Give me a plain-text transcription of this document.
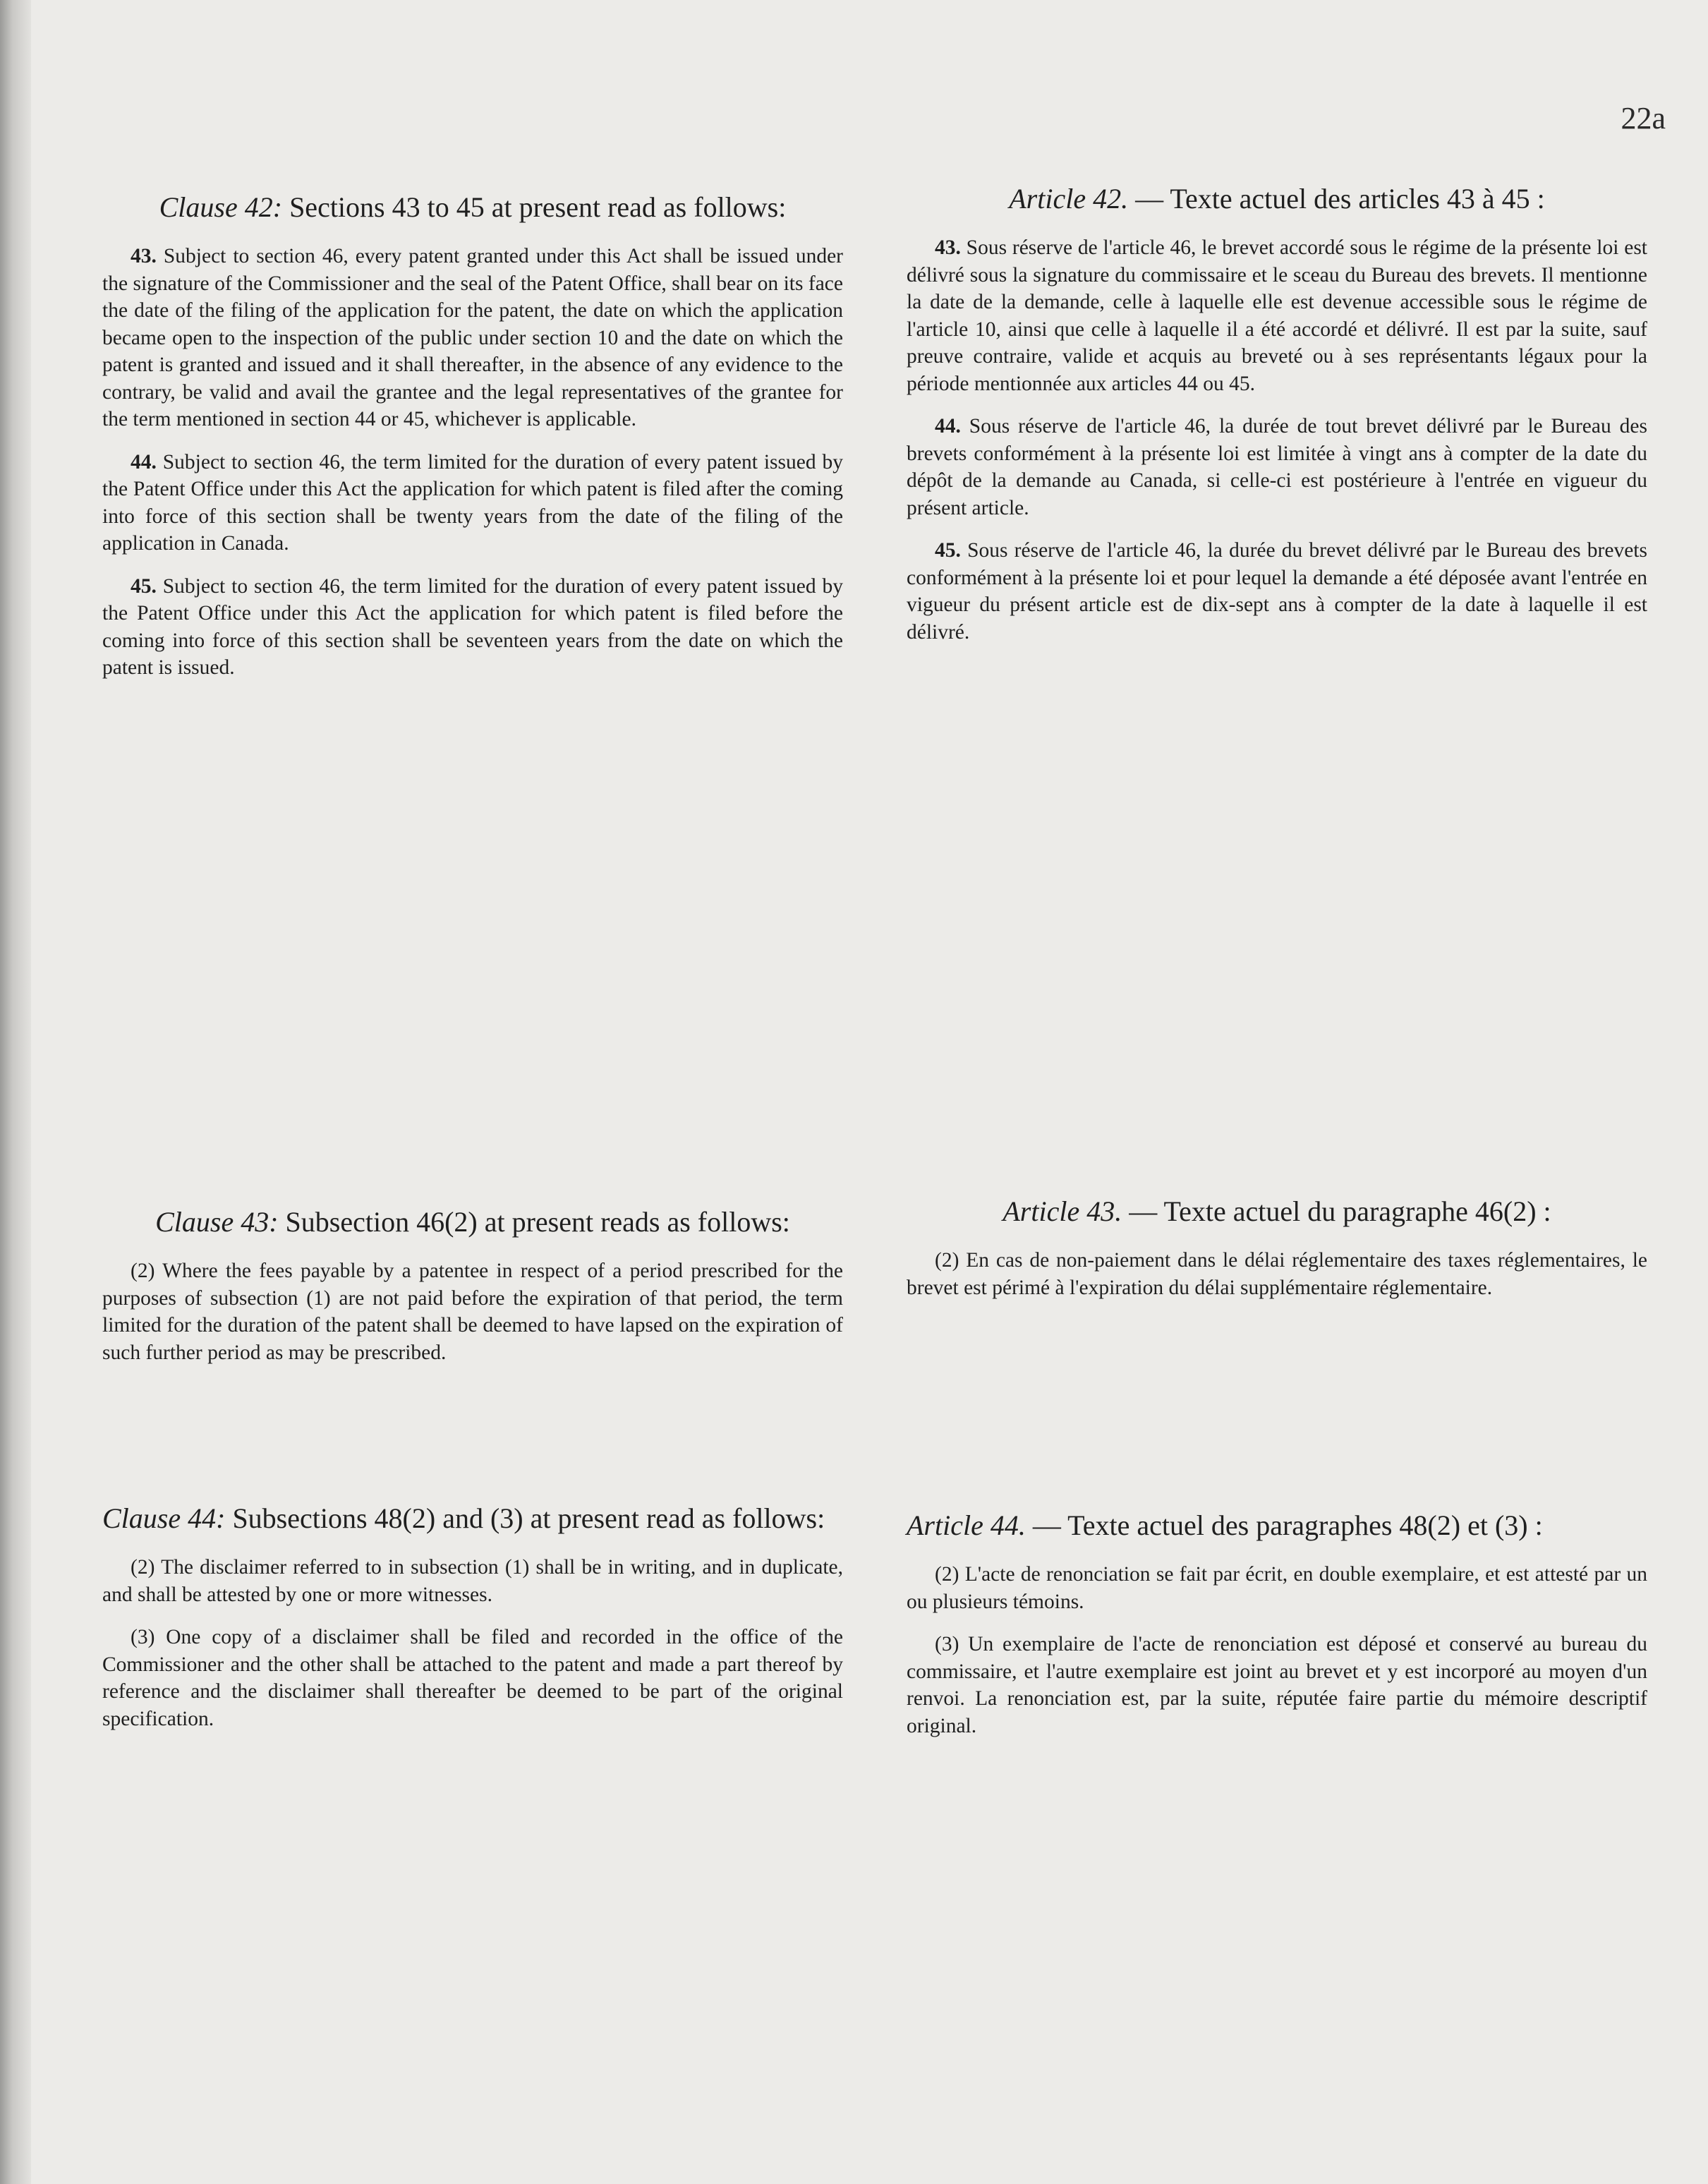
22a
Clause 42: Sections 43 to 45 at present read as follows:

43. Subject to section 46, every patent granted under this Act shall be issued under the signature of the Commissioner and the seal of the Patent Office, shall bear on its face the date of the filing of the application for the patent, the date on which the application became open to the inspection of the public under section 10 and the date on which the patent is granted and issued and it shall thereafter, in the absence of any evidence to the contrary, be valid and avail the grantee and the legal representatives of the grantee for the term mentioned in section 44 or 45, whichever is applicable.

44. Subject to section 46, the term limited for the duration of every patent issued by the Patent Office under this Act the application for which patent is filed after the coming into force of this section shall be twenty years from the date of the filing of the application in Canada.

45. Subject to section 46, the term limited for the duration of every patent issued by the Patent Office under this Act the application for which patent is filed before the coming into force of this section shall be seventeen years from the date on which the patent is issued.

Article 42. — Texte actuel des articles 43 à 45 :

43. Sous réserve de l'article 46, le brevet accordé sous le régime de la présente loi est délivré sous la signature du commissaire et le sceau du Bureau des brevets. Il mentionne la date de la demande, celle à laquelle elle est devenue accessible sous le régime de l'article 10, ainsi que celle à laquelle il a été accordé et délivré. Il est par la suite, sauf preuve contraire, valide et acquis au breveté ou à ses représentants légaux pour la période mentionnée aux articles 44 ou 45.

44. Sous réserve de l'article 46, la durée de tout brevet délivré par le Bureau des brevets conformément à la présente loi est limitée à vingt ans à compter de la date du dépôt de la demande au Canada, si celle-ci est postérieure à l'entrée en vigueur du présent article.

45. Sous réserve de l'article 46, la durée du brevet délivré par le Bureau des brevets conformément à la présente loi et pour lequel la demande a été déposée avant l'entrée en vigueur du présent article est de dix-sept ans à compter de la date à laquelle il est délivré.

Clause 43: Subsection 46(2) at present reads as follows:

(2) Where the fees payable by a patentee in respect of a period prescribed for the purposes of subsection (1) are not paid before the expiration of that period, the term limited for the duration of the patent shall be deemed to have lapsed on the expiration of such further period as may be prescribed.

Article 43. — Texte actuel du paragraphe 46(2) :

(2) En cas de non-paiement dans le délai réglementaire des taxes réglementaires, le brevet est périmé à l'expiration du délai supplémentaire réglementaire.

Clause 44: Subsections 48(2) and (3) at present read as follows:

(2) The disclaimer referred to in subsection (1) shall be in writing, and in duplicate, and shall be attested by one or more witnesses.

(3) One copy of a disclaimer shall be filed and recorded in the office of the Commissioner and the other shall be attached to the patent and made a part thereof by reference and the disclaimer shall thereafter be deemed to be part of the original specification.

Article 44. — Texte actuel des paragraphes 48(2) et (3) :

(2) L'acte de renonciation se fait par écrit, en double exemplaire, et est attesté par un ou plusieurs témoins.

(3) Un exemplaire de l'acte de renonciation est déposé et conservé au bureau du commissaire, et l'autre exemplaire est joint au brevet et y est incorporé au moyen d'un renvoi. La renonciation est, par la suite, réputée faire partie du mémoire descriptif original.
